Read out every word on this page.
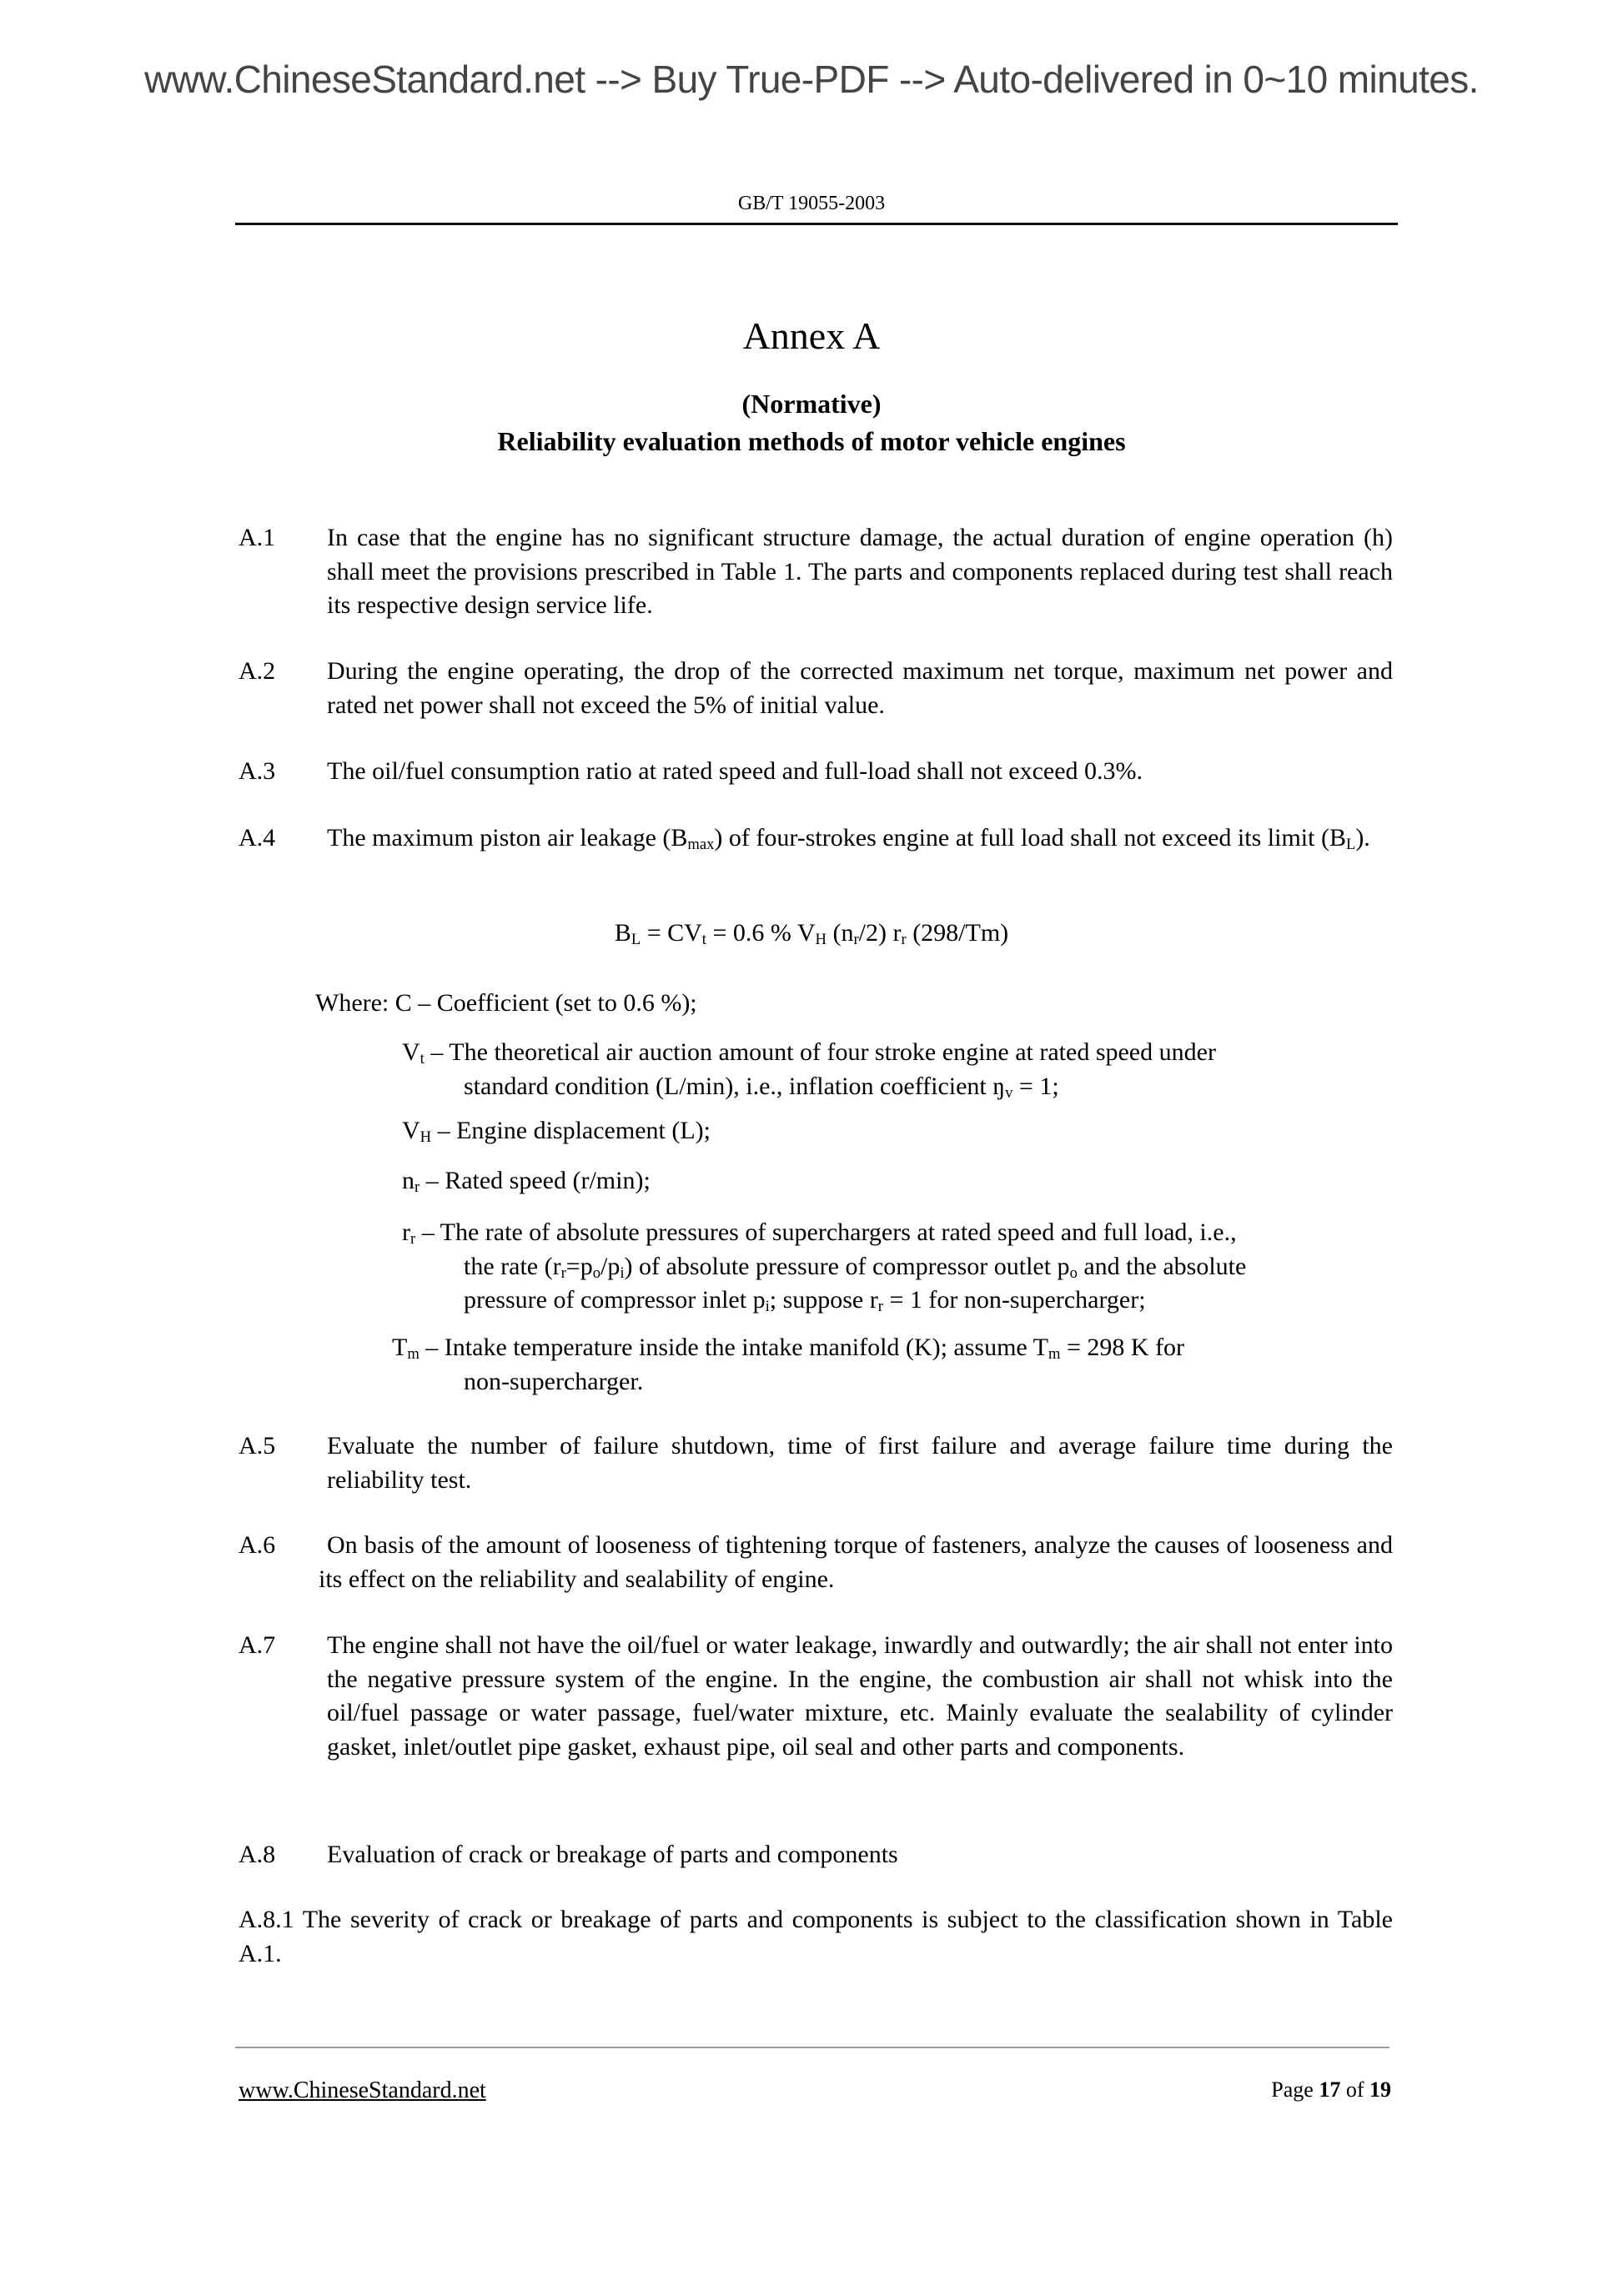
www.ChineseStandard.net --> Buy True-PDF --> Auto-delivered in 0~10 minutes.
GB/T 19055-2003
Annex A
(Normative)
Reliability evaluation methods of motor vehicle engines
A.1 In case that the engine has no significant structure damage, the actual duration of engine operation (h) shall meet the provisions prescribed in Table 1. The parts and components replaced during test shall reach its respective design service life.
A.2 During the engine operating, the drop of the corrected maximum net torque, maximum net power and rated net power shall not exceed the 5% of initial value.
A.3 The oil/fuel consumption ratio at rated speed and full-load shall not exceed 0.3%.
A.4 The maximum piston air leakage $(B_{max})$ of four-strokes engine at full load shall not exceed its limit $(B_L)$.
$B_L = CV_t = 0.6$ % $V_H$ $(n_r/2)$ $r_r$ (298/Tm)
Where: C – Coefficient (set to 0.6 %);
$V_t$ – The theoretical air auction amount of four stroke engine at rated speed under
standard condition (L/min), i.e., inflation coefficient $ŋ_v = 1$;
$V_H$ – Engine displacement (L);
$n_r$ – Rated speed (r/min);
$r_r$ – The rate of absolute pressures of superchargers at rated speed and full load, i.e.,
the rate $(r_r=p_o/p_i)$ of absolute pressure of compressor outlet $p_o$ and the absolute
pressure of compressor inlet $p_i$; suppose $r_r = 1$ for non-supercharger;
$T_m$ – Intake temperature inside the intake manifold (K); assume $T_m = 298$ K for
non-supercharger.
A.5 Evaluate the number of failure shutdown, time of first failure and average failure time during the reliability test.
A.6	On basis of the amount of looseness of tightening torque of fasteners, analyze the causes of looseness and its effect on the reliability and sealability of engine.
A.7 The engine shall not have the oil/fuel or water leakage, inwardly and outwardly; the air shall not enter into the negative pressure system of the engine. In the engine, the combustion air shall not whisk into the oil/fuel passage or water passage, fuel/water mixture, etc. Mainly evaluate the sealability of cylinder gasket, inlet/outlet pipe gasket, exhaust pipe, oil seal and other parts and components.
A.8 Evaluation of crack or breakage of parts and components
A.8.1 The severity of crack or breakage of parts and components is subject to the classification shown in Table A.1.
www.ChineseStandard.net	Page 17 of 19
